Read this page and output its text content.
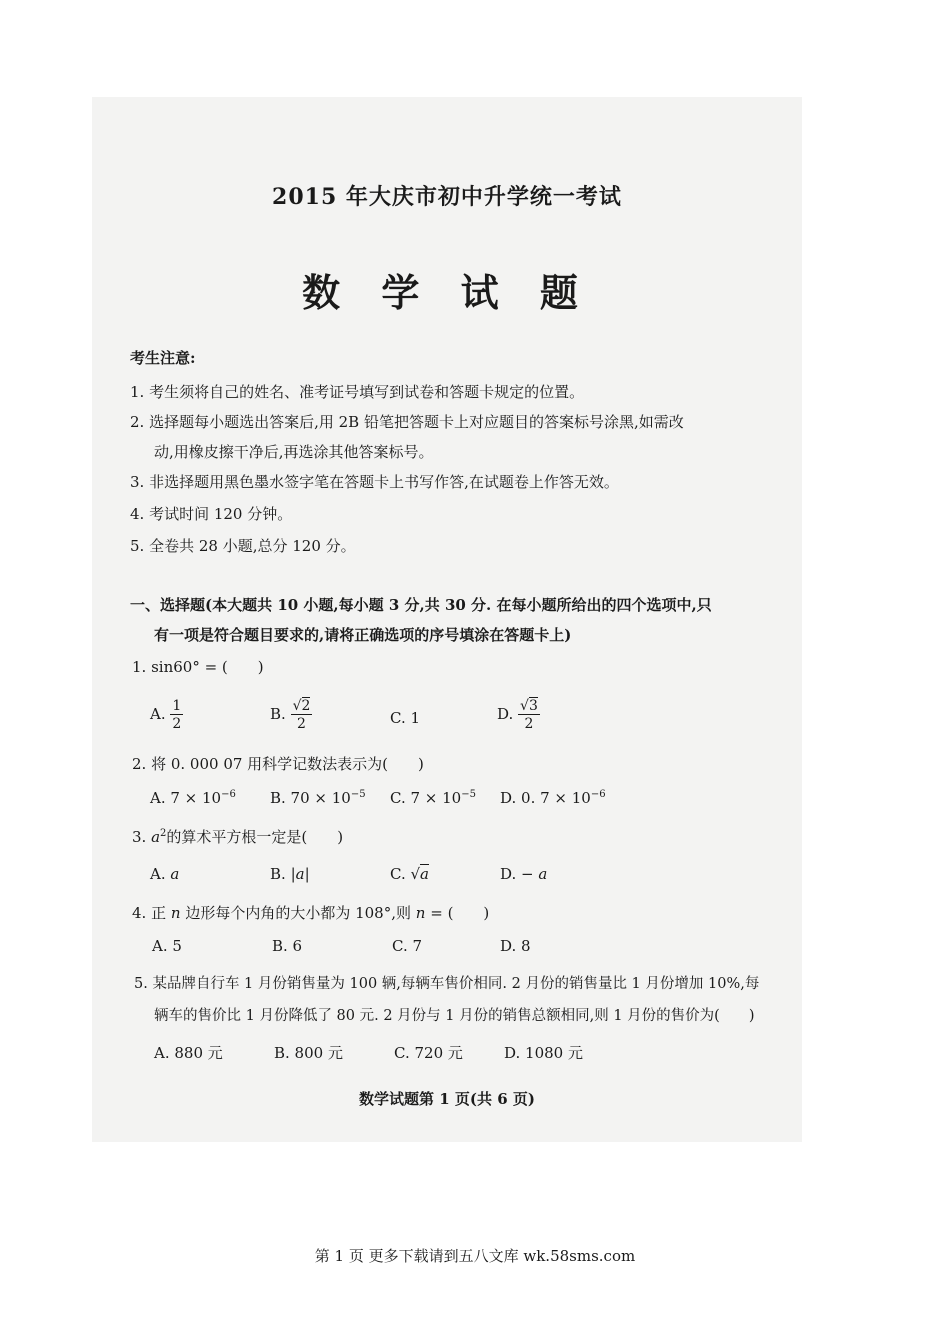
2015 年大庆市初中升学统一考试
数 学 试 题
考生注意:
1. 考生须将自己的姓名、准考证号填写到试卷和答题卡规定的位置。
2. 选择题每小题选出答案后,用 2B 铅笔把答题卡上对应题目的答案标号涂黑,如需改
动,用橡皮擦干净后,再选涂其他答案标号。
3. 非选择题用黑色墨水签字笔在答题卡上书写作答,在试题卷上作答无效。
4. 考试时间 120 分钟。
5. 全卷共 28 小题,总分 120 分。
一、选择题(本大题共 10 小题,每小题 3 分,共 30 分. 在每小题所给出的四个选项中,只
有一项是符合题目要求的,请将正确选项的序号填涂在答题卡上)
1. sin60° = (　　)
A. $\frac{1}{2}$	B. $\frac{√2}{2}$	C. 1	D. $\frac{√3}{2}$
2. 将 0. 000 07 用科学记数法表示为(　　)
A. $7 \times 10^{-6}$ B. $70 \times 10^{-5}$ C. $7 \times 10^{-5}$ D. 0. $7 \times 10^{-6}$
3. $a^2$的算术平方根一定是(　　)
A. a	B. |a|	C. √a	D. − a
4. 正 n 边形每个内角的大小都为 108°,则 n = (　　)
A. 5	B. 6	C. 7	D. 8
5. 某品牌自行车 1 月份销售量为 100 辆,每辆车售价相同. 2 月份的销售量比 1 月份增加 10%,每
辆车的售价比 1 月份降低了 80 元. 2 月份与 1 月份的销售总额相同,则 1 月份的售价为(　　)
A. 880 元	B. 800 元	C. 720 元	D. 1080 元
数学试题第 1 页(共 6 页)
第 1 页 更多下载请到五八文库 wk.58sms.com
